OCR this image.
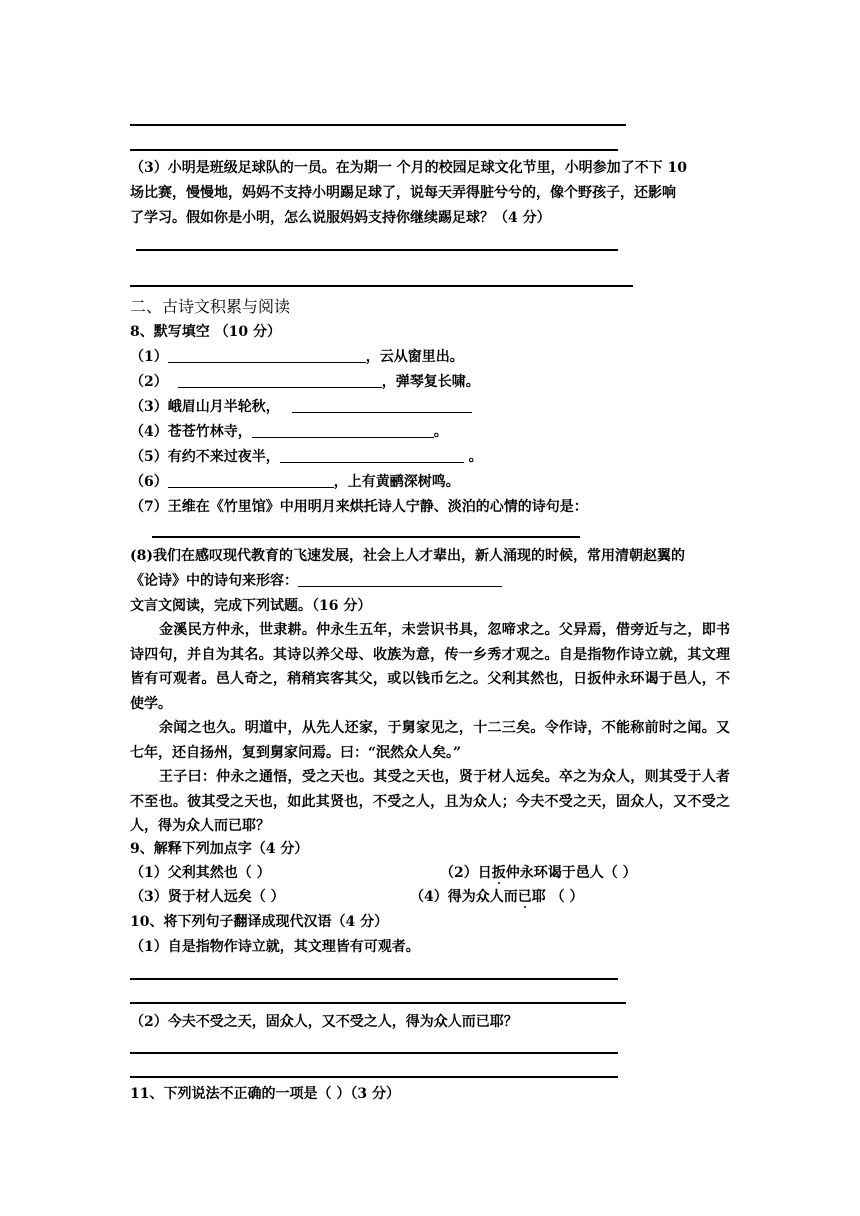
（3）小明是班级足球队的一员。在为期一 个月的校园足球文化节里，小明参加了不下 10
场比赛，慢慢地，妈妈不支持小明踢足球了，说每天弄得脏兮兮的，像个野孩子，还影响
了学习。假如你是小明，怎么说服妈妈支持你继续踢足球？（4 分）
二、古诗文积累与阅读
8、默写填空 （10 分）
（1）	，云从窗里出。
（2）	，弹琴复长啸。
（3）峨眉山月半轮秋，
（4）苍苍竹林寺，	。
（5）有约不来过夜半，	。
（6）	，上有黄鹂深树鸣。
（7）王维在《竹里馆》中用明月来烘托诗人宁静、淡泊的心情的诗句是：
(8)我们在感叹现代教育的飞速发展，社会上人才辈出，新人涌现的时候，常用清朝赵翼的
《论诗》中的诗句来形容：
文言文阅读，完成下列试题。（16 分）
金溪民方仲永，世隶耕。仲永生五年，未尝识书具，忽啼求之。父异焉，借旁近与之，即书诗四句，并自为其名。其诗以养父母、收族为意，传一乡秀才观之。自是指物作诗立就，其文理皆有可观者。邑人奇之，稍稍宾客其父，或以钱币乞之。父利其然也，日扳仲永环谒于邑人，不使学。
余闻之也久。明道中，从先人还家，于舅家见之，十二三矣。令作诗，不能称前时之闻。又七年，还自扬州，复到舅家问焉。曰：“泯然众人矣。”
王子曰：仲永之通悟，受之天也。其受之天也，贤于材人远矣。卒之为众人，则其受于人者不至也。彼其受之天也，如此其贤也，不受之人，且为众人；今夫不受之天，固众人，又不受之人，得为众人而已耶？
9、解释下列加点字（4 分）
（1）父利其然也（ ）	（2）日扳仲永环谒于邑人（ ）
（3）贤于材人远矣（ ）	（4）得为众人而已耶 （ ）
10、将下列句子翻译成现代汉语（4 分）
（1）自是指物作诗立就，其文理皆有可观者。
（2）今夫不受之天，固众人，又不受之人，得为众人而已耶？
11、下列说法不正确的一项是（ ）（3 分）
